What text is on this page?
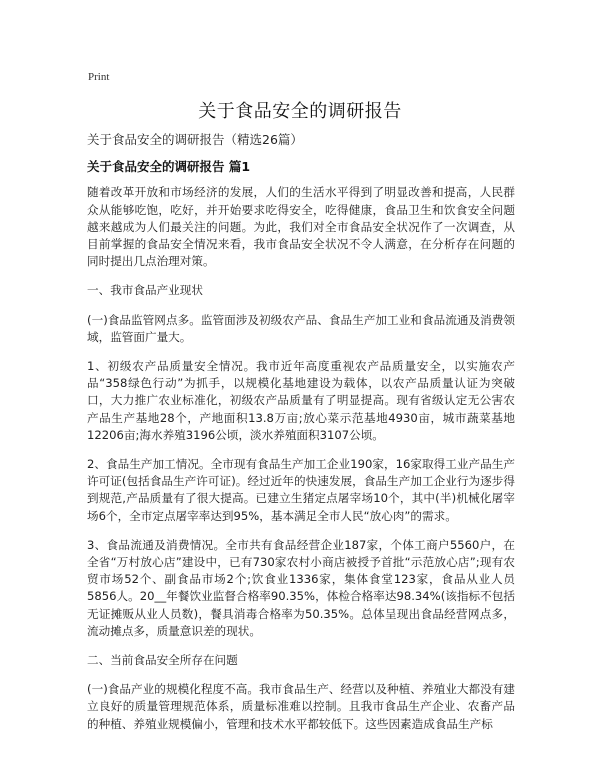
Print
关于食品安全的调研报告
关于食品安全的调研报告（精选26篇）
关于食品安全的调研报告 篇1
随着改革开放和市场经济的发展，人们的生活水平得到了明显改善和提高，人民群众从能够吃饱，吃好，并开始要求吃得安全，吃得健康，食品卫生和饮食安全问题越来越成为人们最关注的问题。为此，我们对全市食品安全状况作了一次调查，从目前掌握的食品安全情况来看，我市食品安全状况不令人满意，在分析存在问题的同时提出几点治理对策。
一、我市食品产业现状
(一)食品监管网点多。监管面涉及初级农产品、食品生产加工业和食品流通及消费领域，监管面广量大。
1、初级农产品质量安全情况。我市近年高度重视农产品质量安全，以实施农产品“358绿色行动”为抓手，以规模化基地建设为载体，以农产品质量认证为突破口，大力推广农业标准化，初级农产品质量有了明显提高。现有省级认定无公害农产品生产基地28个，产地面积13.8万亩;放心菜示范基地4930亩，城市蔬菜基地12206亩;海水养殖3196公顷，淡水养殖面积3107公顷。
2、食品生产加工情况。全市现有食品生产加工企业190家，16家取得工业产品生产许可证(包括食品生产许可证)。经过近年的快速发展，食品生产加工企业行为逐步得到规范,产品质量有了很大提高。已建立生猪定点屠宰场10个，其中(半)机械化屠宰场6个，全市定点屠宰率达到95%，基本满足全市人民“放心肉”的需求。
3、食品流通及消费情况。全市共有食品经营企业187家，个体工商户5560户，在全省“万村放心店”建设中，已有730家农村小商店被授予首批“示范放心店”;现有农贸市场52个、副食品市场2个;饮食业1336家，集体食堂123家，食品从业人员5856人。20__年餐饮业监督合格率90.35%，体检合格率达98.34%(该指标不包括无证摊贩从业人员数)，餐具消毒合格率为50.35%。总体呈现出食品经营网点多，流动摊点多，质量意识差的现状。
二、当前食品安全所存在问题
(一)食品产业的规模化程度不高。我市食品生产、经营以及种植、养殖业大都没有建立良好的质量管理规范体系，质量标准难以控制。且我市食品生产企业、农畜产品的种植、养殖业规模偏小，管理和技术水平都较低下。这些因素造成食品生产标
